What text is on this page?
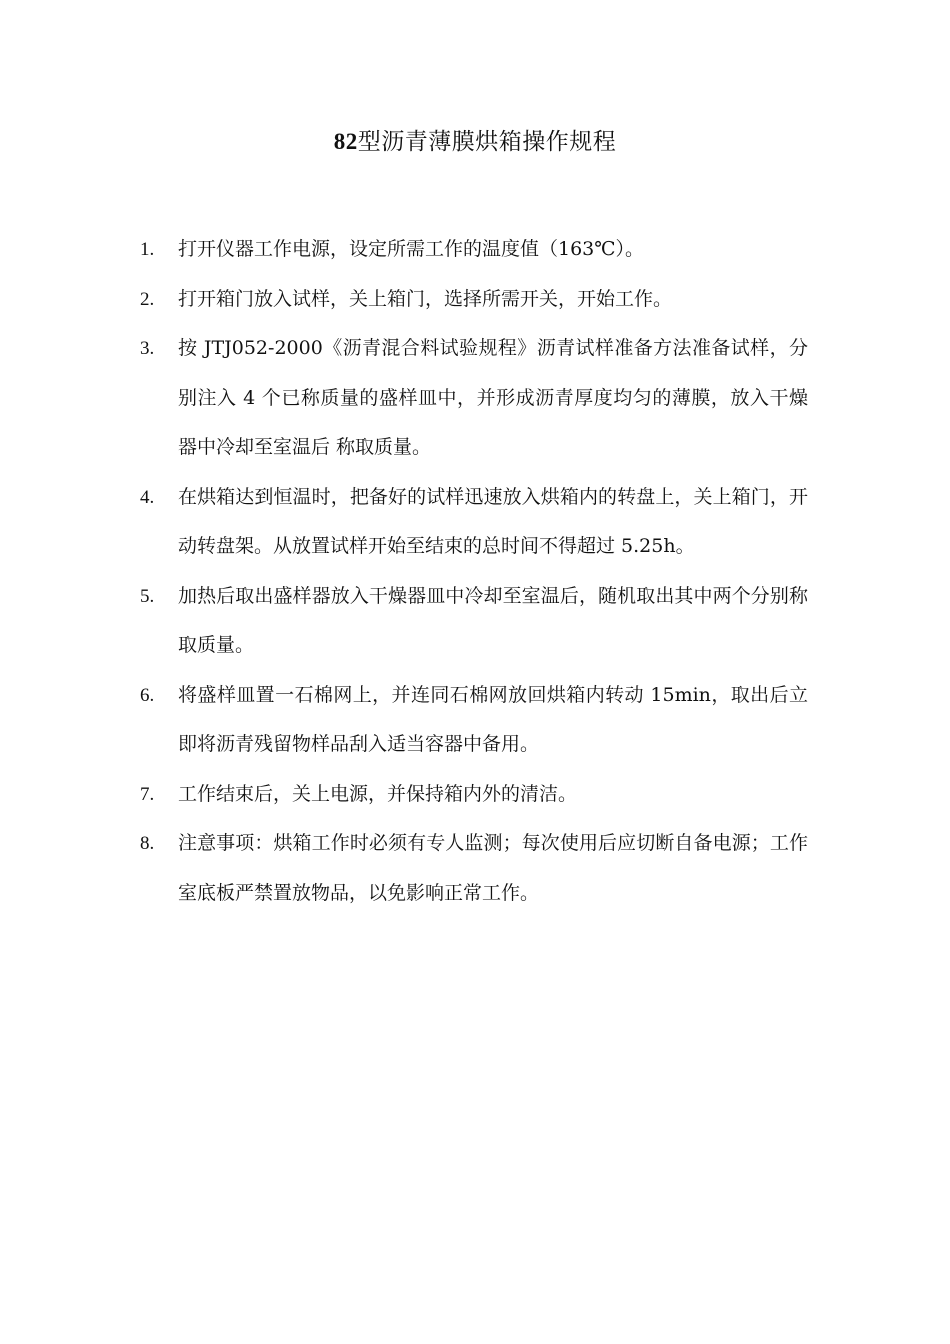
82型沥青薄膜烘箱操作规程
1.	打开仪器工作电源，设定所需工作的温度值（163℃）。
2.	打开箱门放入试样，关上箱门，选择所需开关，开始工作。
3.	按 JTJ052-2000《沥青混合料试验规程》沥青试样准备方法准备试样，分别注入 4 个已称质量的盛样皿中，并形成沥青厚度均匀的薄膜，放入干燥器中冷却至室温后 称取质量。
4.	在烘箱达到恒温时，把备好的试样迅速放入烘箱内的转盘上，关上箱门，开动转盘架。从放置试样开始至结束的总时间不得超过 5.25h。
5.	加热后取出盛样器放入干燥器皿中冷却至室温后，随机取出其中两个分别称取质量。
6.	将盛样皿置一石棉网上，并连同石棉网放回烘箱内转动 15min，取出后立即将沥青残留物样品刮入适当容器中备用。
7.	工作结束后，关上电源，并保持箱内外的清洁。
8.	注意事项：烘箱工作时必须有专人监测；每次使用后应切断自备电源；工作室底板严禁置放物品，以免影响正常工作。
